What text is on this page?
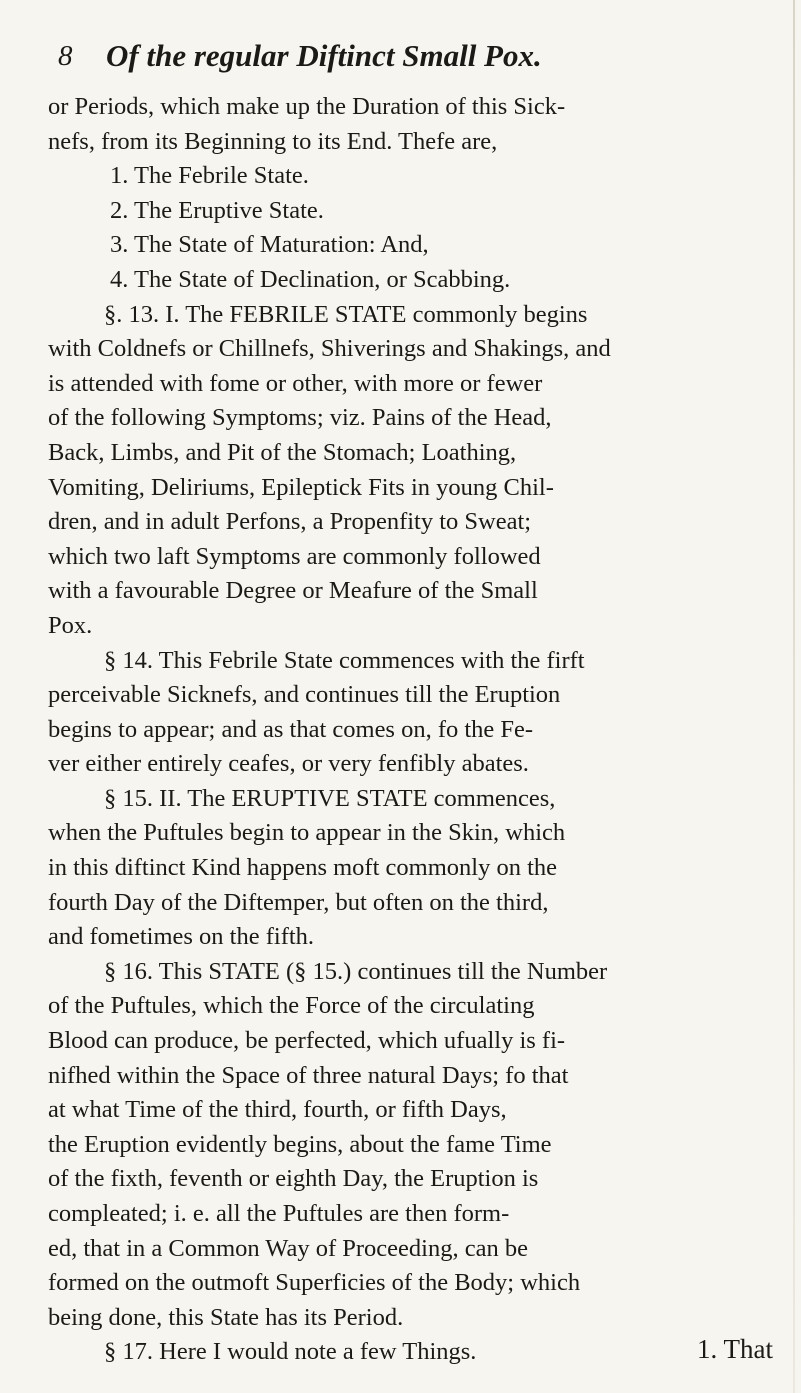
8 Of the regular Diftinct Small Pox.
or Periods, which make up the Duration of this Sick-
nefs, from its Beginning to its End. Thefe are,
1. The Febrile State.
2. The Eruptive State.
3. The State of Maturation: And,
4. The State of Declination, or Scabbing.
§. 13. I. The FEBRILE STATE commonly begins
with Coldnefs or Chillnefs, Shiverings and Shakings, and
is attended with fome or other, with more or fewer
of the following Symptoms; viz. Pains of the Head,
Back, Limbs, and Pit of the Stomach; Loathing,
Vomiting, Deliriums, Epileptick Fits in young Chil-
dren, and in adult Perfons, a Propenfity to Sweat;
which two laft Symptoms are commonly followed
with a favourable Degree or Meafure of the Small
Pox.
§ 14. This Febrile State commences with the firft
perceivable Sicknefs, and continues till the Eruption
begins to appear; and as that comes on, fo the Fe-
ver either entirely ceafes, or very fenfibly abates.
§ 15. II. The ERUPTIVE STATE commences,
when the Puftules begin to appear in the Skin, which
in this diftinct Kind happens moft commonly on the
fourth Day of the Diftemper, but often on the third,
and fometimes on the fifth.
§ 16. This STATE (§ 15.) continues till the Number
of the Puftules, which the Force of the circulating
Blood can produce, be perfected, which ufually is fi-
nifhed within the Space of three natural Days; fo that
at what Time of the third, fourth, or fifth Days,
the Eruption evidently begins, about the fame Time
of the fixth, feventh or eighth Day, the Eruption is
compleated; i. e. all the Puftules are then form-
ed, that in a Common Way of Proceeding, can be
formed on the outmoft Superficies of the Body; which
being done, this State has its Period.
§ 17. Here I would note a few Things.	1. That
